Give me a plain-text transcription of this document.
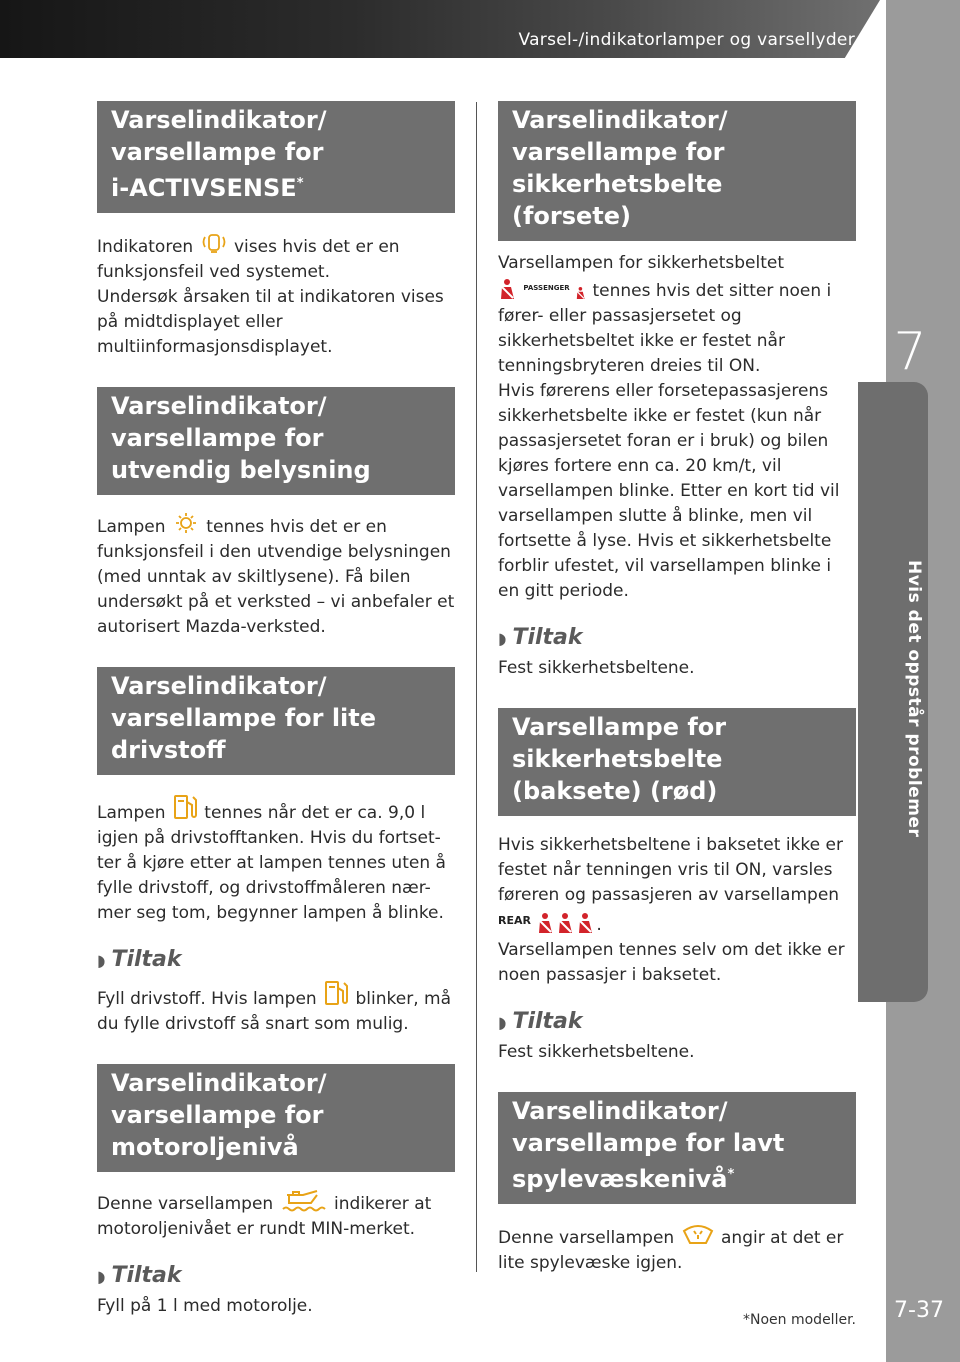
Varsel-/indikatorlamper og varsellyder
7
Hvis det oppstår problemer
7-37
Varselindikator/
varsellampe for
i-ACTIVSENSE*

Indikatoren
vises hvis det er en funksjonsfeil ved systemet.
Undersøk årsaken til at indikatoren vises på midtdisplayet eller multiinformasjonsdisplayet.

Varselindikator/
varsellampe for
utvendig belysning

Lampen
tennes hvis det er en funksjonsfeil i den utvendige belysningen (med unntak av skiltlysene). Få bilen undersøkt på et verksted – vi anbefaler et autorisert Mazda-verksted.

Varselindikator/
varsellampe for lite drivstoff

Lampen
tennes når det er ca. 9,0 l igjen på drivstofftanken. Hvis du fortset-ter å kjøre etter at lampen tennes uten å fylle drivstoff, og drivstoffmåleren nær-mer seg tom, begynner lampen å blinke.

◗ Tiltak

Fyll drivstoff. Hvis lampen
blinker, må du fylle drivstoff så snart som mulig.

Varselindikator/
varsellampe for
motoroljenivå

Denne varsellampen	indikerer at motoroljenivået er rundt MIN-merket.

◗ Tiltak

Fyll på 1 l med motorolje.

Varselindikator/
varsellampe for
sikkerhetsbelte (forsete)

Varsellampen for sikkerhetsbeltet

$^{PASSENGER}$
tennes hvis det sitter noen i fører- eller passasjersetet og sikkerhetsbeltet ikke er festet når tenningsbryteren dreies til ON.
Hvis førerens eller forsetepassasjerens sikkerhetsbelte ikke er festet (kun når passasjersetet foran er i bruk) og bilen kjøres fortere enn ca. 20 km/t, vil varsellampen blinke. Etter en kort tid vil varsellampen slutte å blinke, men vil fortsette å lyse. Hvis et sikkerhetsbelte forblir ufestet, vil varsellampen blinke i en gitt periode.

◗ Tiltak

Fest sikkerhetsbeltene.

Varsellampe for
sikkerhetsbelte
(baksete) (rød)

Hvis sikkerhetsbeltene i baksetet ikke er festet når tenningen vris til ON, varsles føreren og passasjeren av varsellampen $^{REAR}$	.
Varsellampen tennes selv om det ikke er noen passasjer i baksetet.

◗ Tiltak

Fest sikkerhetsbeltene.

Varselindikator/
varsellampe for lavt
spylevæskenivå*

Denne varsellampen
angir at det er lite spylevæske igjen.

*Noen modeller.
